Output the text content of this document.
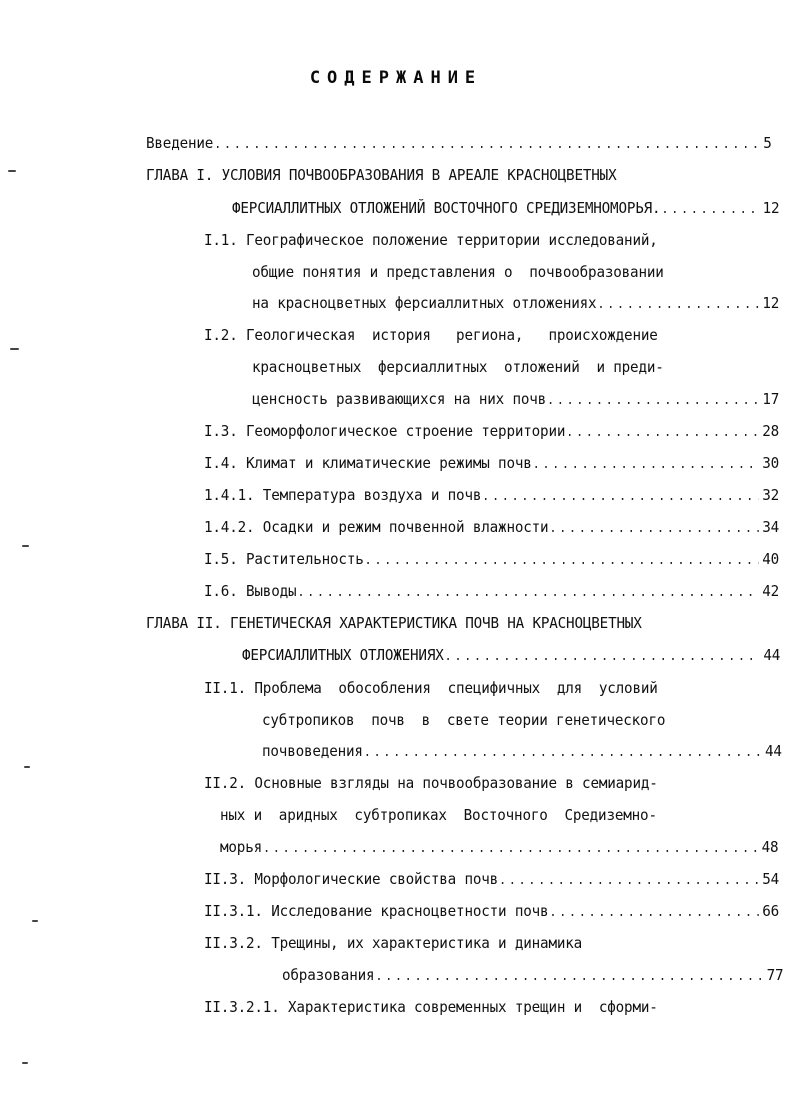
СОДЕРЖАНИЕ
Введение .....	5
ГЛАВА I. УСЛОВИЯ ПОЧВООБРАЗОВАНИЯ В АРЕАЛЕ КРАСНОЦВЕТНЫХ
ФЕРСИАЛЛИТНЫХ ОТЛОЖЕНИЙ ВОСТОЧНОГО СРЕДИЗЕМНОМОРЬЯ. .....	12
I.1. Географическое положение территории исследований,
общие понятия и представления о  почвообразовании
на красноцветных ферсиаллитных отложениях .....	12
I.2. Геологическая  история   региона,   происхождение
красноцветных  ферсиаллитных  отложений  и преди-
ценсность развивающихся на них почв .....	17
I.3. Геоморфологическое строение территории .....	28
I.4. Климат и климатические режимы почв .....	30
1.4.1. Температура воздуха и почв .....	32
1.4.2. Осадки и режим почвенной влажности .....	34
I.5. Растительность .....	40
I.6. Выводы .....	42
ГЛАВА II. ГЕНЕТИЧЕСКАЯ ХАРАКТЕРИСТИКА ПОЧВ НА КРАСНОЦВЕТНЫХ
ФЕРСИАЛЛИТНЫХ ОТЛОЖЕНИЯХ .....	44
II.1. Проблема  обособления  специфичных  для  условий
субтропиков  почв  в  свете теории генетического
почвоведения .....	44
II.2. Основные взгляды на почвообразование в семиарид-
ных и  аридных  субтропиках  Восточного  Средиземно-
морья .....	48
II.3. Морфологические свойства почв .....	54
II.3.1. Исследование красноцветности почв .....	66
II.3.2. Трещины, их характеристика и динамика
образования .....	77
II.3.2.1. Характеристика современных трещин и  сформи-
